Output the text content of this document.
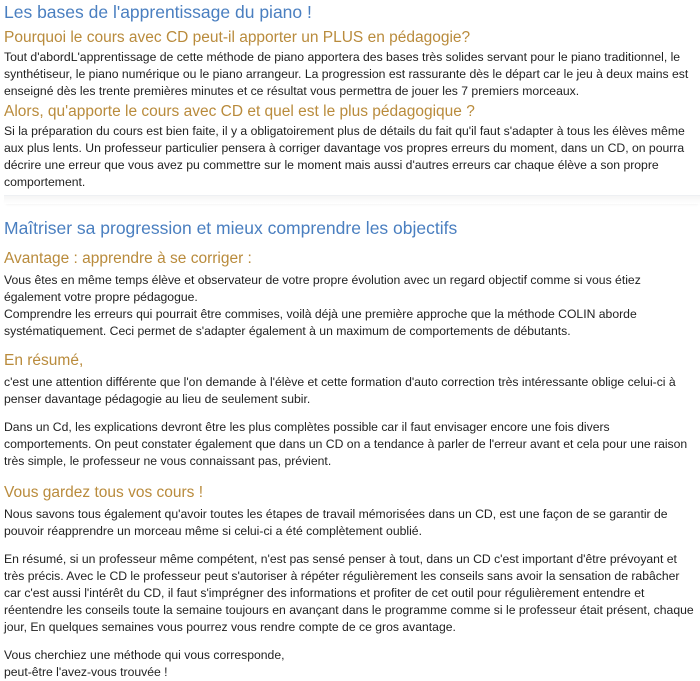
Les bases de l'apprentissage du piano !
Pourquoi le cours avec CD peut-il apporter un PLUS en pédagogie?

Tout d'abordL'apprentissage de cette méthode de piano apportera des bases très solides servant pour le piano traditionnel, le synthétiseur, le piano numérique ou le piano arrangeur. La progression est rassurante dès le départ car le jeu à deux mains est enseigné dès les trente premières minutes et ce résultat vous permettra de jouer les 7 premiers morceaux.

Alors, qu'apporte le cours avec CD et quel est le plus pédagogique ?

Si la préparation du cours est bien faite, il y a obligatoirement plus de détails du fait qu'il faut s'adapter à tous les élèves même aux plus lents. Un professeur particulier pensera à corriger davantage vos propres erreurs du moment, dans un CD, on pourra décrire une erreur que vous avez pu commettre sur le moment mais aussi d'autres erreurs car chaque élève a son propre comportement.

Maîtriser sa progression et mieux comprendre les objectifs
Avantage : apprendre à se corriger :

Vous êtes en même temps élève et observateur de votre propre évolution avec un regard objectif comme si vous étiez également votre propre pédagogue.

Comprendre les erreurs qui pourrait être commises, voilà déjà une première approche que la méthode COLIN aborde systématiquement. Ceci permet de s'adapter également à un maximum de comportements de débutants.

En résumé,

c'est une attention différente que l'on demande à l'élève et cette formation d'auto correction très intéressante oblige celui-ci à penser davantage pédagogie au lieu de seulement subir.

Dans un Cd, les explications devront être les plus complètes possible car il faut envisager encore une fois divers comportements. On peut constater également que dans un CD on a tendance à parler de l'erreur avant et cela pour une raison très simple, le professeur ne vous connaissant pas, prévient.

Vous gardez tous vos cours !

Nous savons tous également qu'avoir toutes les étapes de travail mémorisées dans un CD, est une façon de se garantir de pouvoir réapprendre un morceau même si celui-ci a été complètement oublié.

En résumé, si un professeur même compétent, n'est pas sensé penser à tout, dans un CD c'est important d'être prévoyant et très précis. Avec le CD le professeur peut s'autoriser à répéter régulièrement les conseils sans avoir la sensation de rabâcher car c'est aussi l'intérêt du CD, il faut s'imprégner des informations et profiter de cet outil pour régulièrement entendre et réentendre les conseils toute la semaine toujours en avançant dans le programme comme si le professeur était présent, chaque jour, En quelques semaines vous pourrez vous rendre compte de ce gros avantage.

Vous cherchiez une méthode qui vous corresponde,

peut-être l'avez-vous trouvée !
